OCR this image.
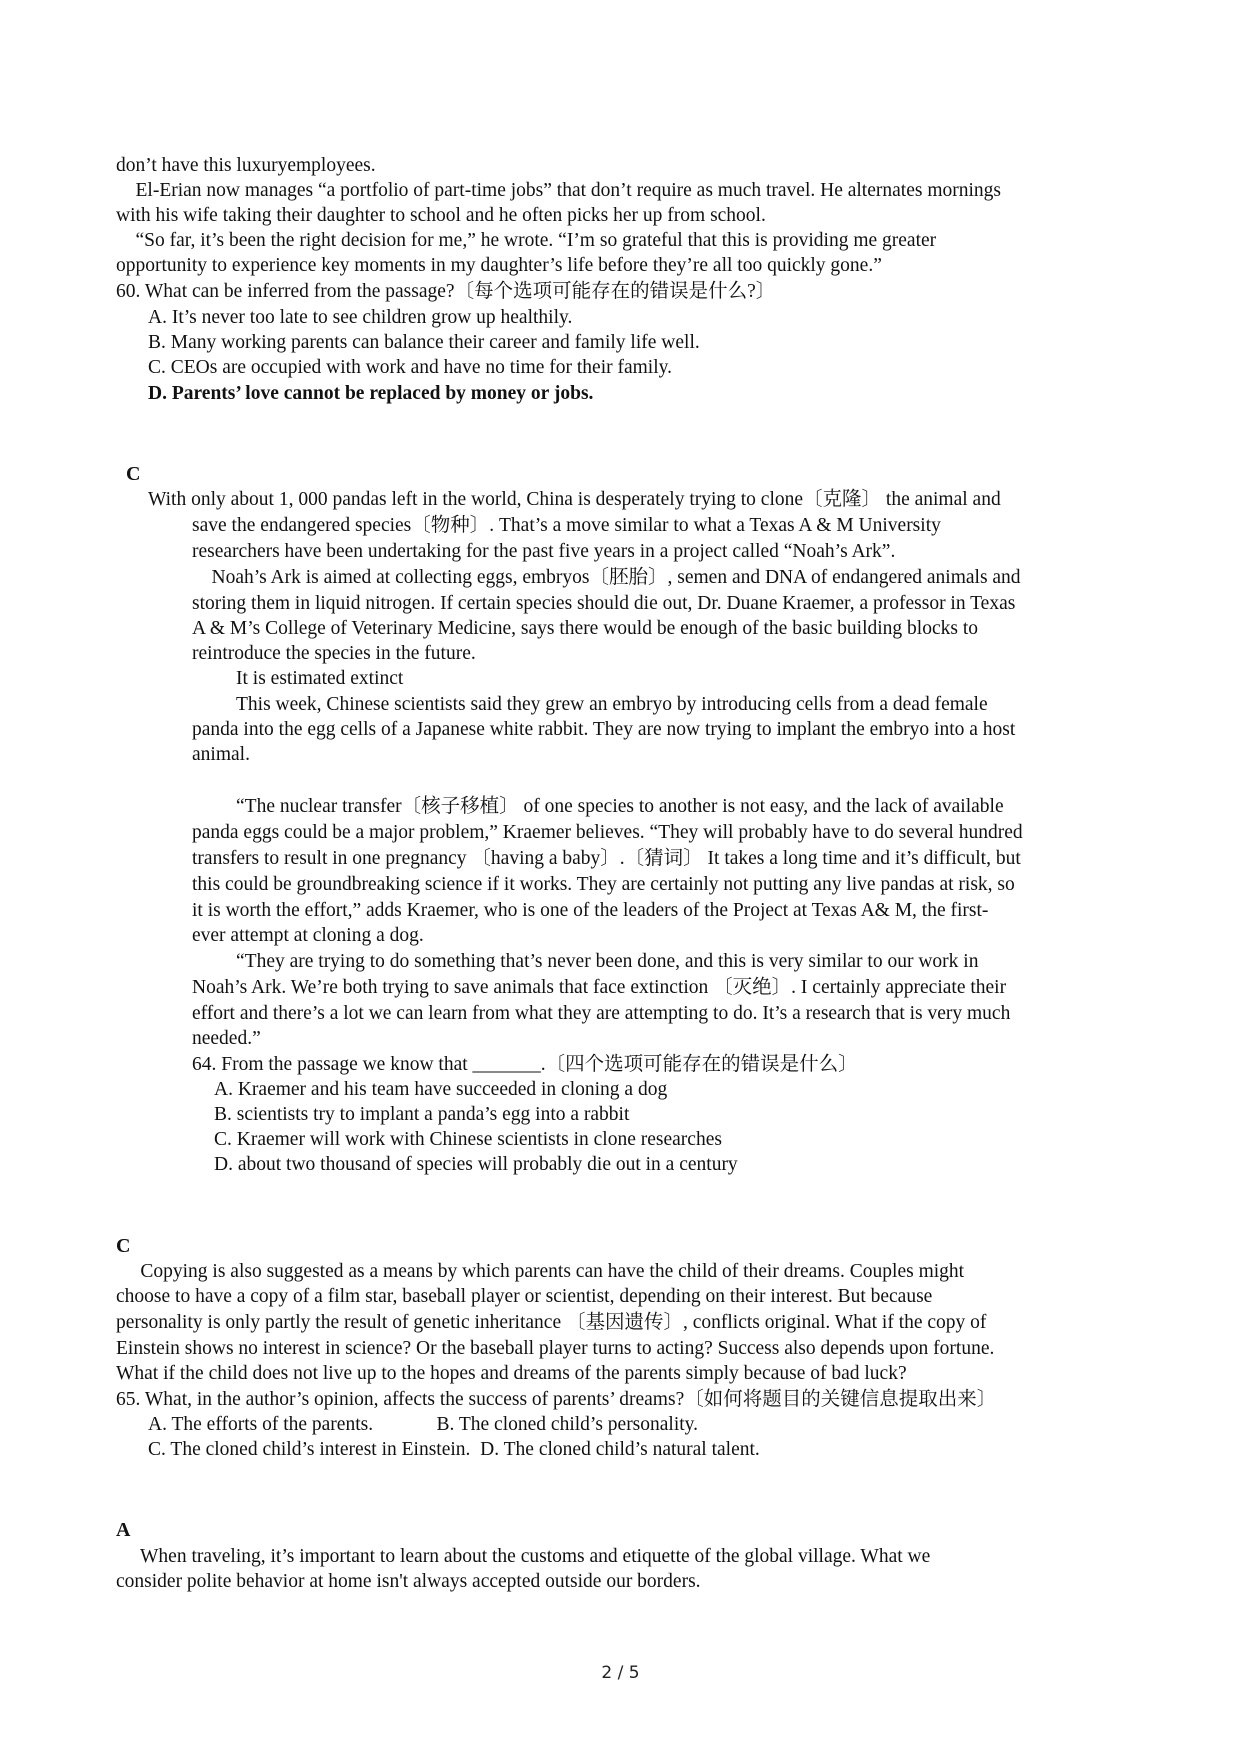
don’t have this luxuryemployees.
El-Erian now manages “a portfolio of part-time jobs” that don’t require as much travel. He alternates mornings
with his wife taking their daughter to school and he often picks her up from school.
“So far, it’s been the right decision for me,” he wrote. “I’m so grateful that this is providing me greater
opportunity to experience key moments in my daughter’s life before they’re all too quickly gone.”
60. What can be inferred from the passage?〔每个选项可能存在的错误是什么?〕
A. It’s never too late to see children grow up healthily.
B. Many working parents can balance their career and family life well.
C. CEOs are occupied with work and have no time for their family.
D. Parents’ love cannot be replaced by money or jobs.
C
With only about 1, 000 pandas left in the world, China is desperately trying to clone〔克隆〕 the animal and
save the endangered species〔物种〕. That’s a move similar to what a Texas A & M University
researchers have been undertaking for the past five years in a project called “Noah’s Ark”.
Noah’s Ark is aimed at collecting eggs, embryos〔胚胎〕, semen and DNA of endangered animals and
storing them in liquid nitrogen. If certain species should die out, Dr. Duane Kraemer, a professor in Texas
A & M’s College of Veterinary Medicine, says there would be enough of the basic building blocks to
reintroduce the species in the future.
It is estimated extinct
This week, Chinese scientists said they grew an embryo by introducing cells from a dead female
panda into the egg cells of a Japanese white rabbit. They are now trying to implant the embryo into a host
animal.
“The nuclear transfer〔核子移植〕 of one species to another is not easy, and the lack of available
panda eggs could be a major problem,” Kraemer believes. “They will probably have to do several hundred
transfers to result in one pregnancy 〔having a baby〕.〔猜词〕 It takes a long time and it’s difficult, but
this could be groundbreaking science if it works. They are certainly not putting any live pandas at risk, so
it is worth the effort,” adds Kraemer, who is one of the leaders of the Project at Texas A& M, the first-
ever attempt at cloning a dog.
“They are trying to do something that’s never been done, and this is very similar to our work in
Noah’s Ark. We’re both trying to save animals that face extinction 〔灭绝〕. I certainly appreciate their
effort and there’s a lot we can learn from what they are attempting to do. It’s a research that is very much
needed.”
64. From the passage we know that _______.〔四个选项可能存在的错误是什么〕
A. Kraemer and his team have succeeded in cloning a dog
B. scientists try to implant a panda’s egg into a rabbit
C. Kraemer will work with Chinese scientists in clone researches
D. about two thousand of species will probably die out in a century
C
Copying is also suggested as a means by which parents can have the child of their dreams. Couples might
choose to have a copy of a film star, baseball player or scientist, depending on their interest. But because
personality is only partly the result of genetic inheritance 〔基因遗传〕, conflicts original. What if the copy of
Einstein shows no interest in science? Or the baseball player turns to acting? Success also depends upon fortune.
What if the child does not live up to the hopes and dreams of the parents simply because of bad luck?
65. What, in the author’s opinion, affects the success of parents’ dreams?〔如何将题目的关键信息提取出来〕
A. The efforts of the parents.             B. The cloned child’s personality.
C. The cloned child’s interest in Einstein.  D. The cloned child’s natural talent.
A
When traveling, it’s important to learn about the customs and etiquette of the global village. What we
consider polite behavior at home isn't always accepted outside our borders.
2 / 5
